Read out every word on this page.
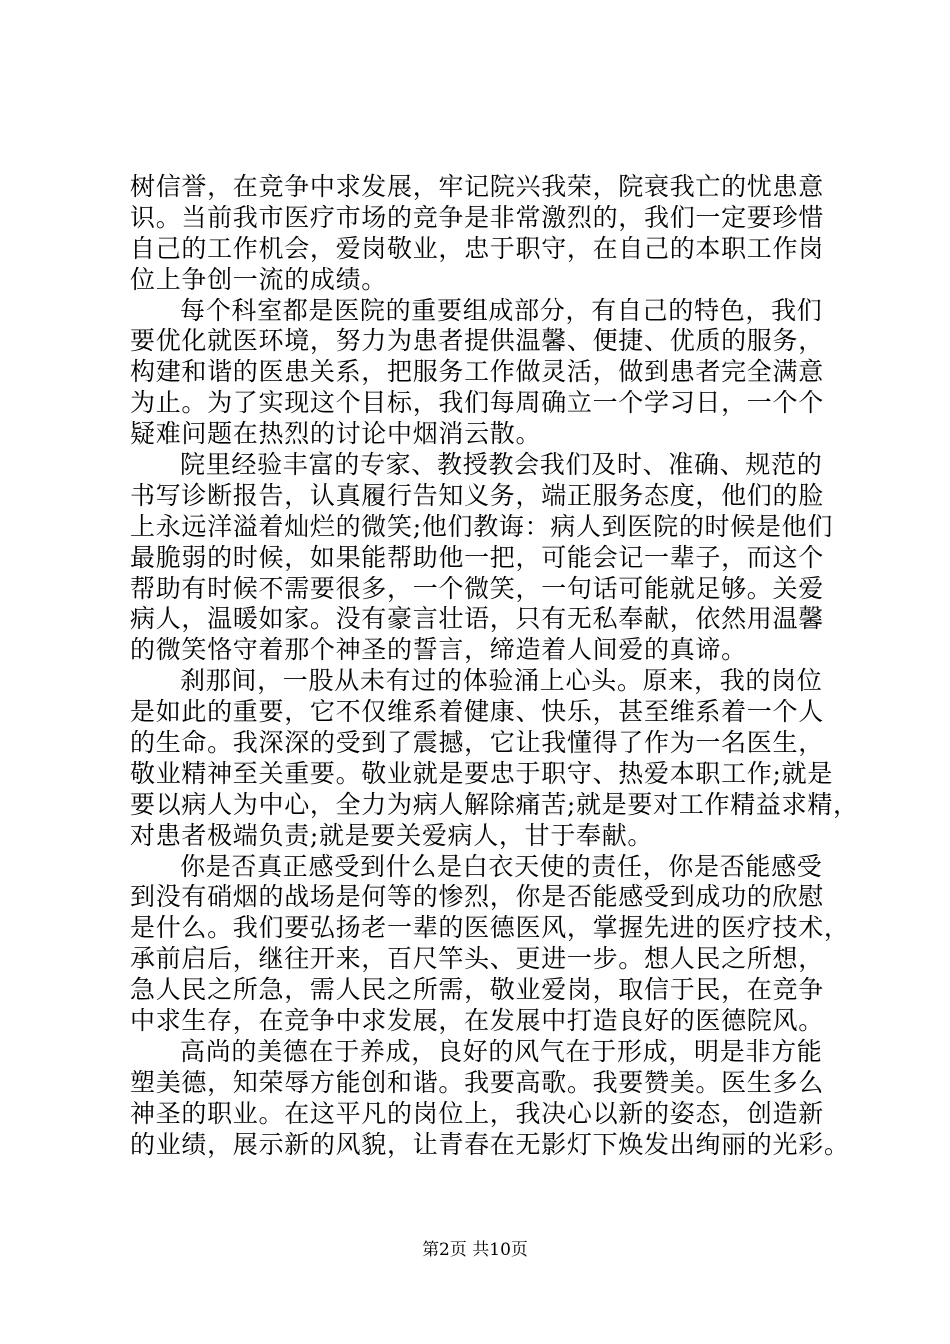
树信誉，在竞争中求发展，牢记院兴我荣，院衰我亡的忧患意
识。当前我市医疗市场的竞争是非常激烈的，我们一定要珍惜
自己的工作机会，爱岗敬业，忠于职守，在自己的本职工作岗
位上争创一流的成绩。
每个科室都是医院的重要组成部分，有自己的特色，我们
要优化就医环境，努力为患者提供温馨、便捷、优质的服务，
构建和谐的医患关系，把服务工作做灵活，做到患者完全满意
为止。为了实现这个目标，我们每周确立一个学习日，一个个
疑难问题在热烈的讨论中烟消云散。
院里经验丰富的专家、教授教会我们及时、准确、规范的
书写诊断报告，认真履行告知义务，端正服务态度，他们的脸
上永远洋溢着灿烂的微笑;他们教诲：病人到医院的时候是他们
最脆弱的时候，如果能帮助他一把，可能会记一辈子，而这个
帮助有时候不需要很多，一个微笑，一句话可能就足够。关爱
病人，温暖如家。没有豪言壮语，只有无私奉献，依然用温馨
的微笑恪守着那个神圣的誓言，缔造着人间爱的真谛。
刹那间，一股从未有过的体验涌上心头。原来，我的岗位
是如此的重要，它不仅维系着健康、快乐，甚至维系着一个人
的生命。我深深的受到了震撼，它让我懂得了作为一名医生，
敬业精神至关重要。敬业就是要忠于职守、热爱本职工作;就是
要以病人为中心，全力为病人解除痛苦;就是要对工作精益求精，
对患者极端负责;就是要关爱病人，甘于奉献。
你是否真正感受到什么是白衣天使的责任，你是否能感受
到没有硝烟的战场是何等的惨烈，你是否能感受到成功的欣慰
是什么。我们要弘扬老一辈的医德医风，掌握先进的医疗技术，
承前启后，继往开来，百尺竿头、更进一步。想人民之所想，
急人民之所急，需人民之所需，敬业爱岗，取信于民，在竞争
中求生存，在竞争中求发展，在发展中打造良好的医德院风。
高尚的美德在于养成，良好的风气在于形成，明是非方能
塑美德，知荣辱方能创和谐。我要高歌。我要赞美。医生多么
神圣的职业。在这平凡的岗位上，我决心以新的姿态，创造新
的业绩，展示新的风貌，让青春在无影灯下焕发出绚丽的光彩。
第2页 共10页
